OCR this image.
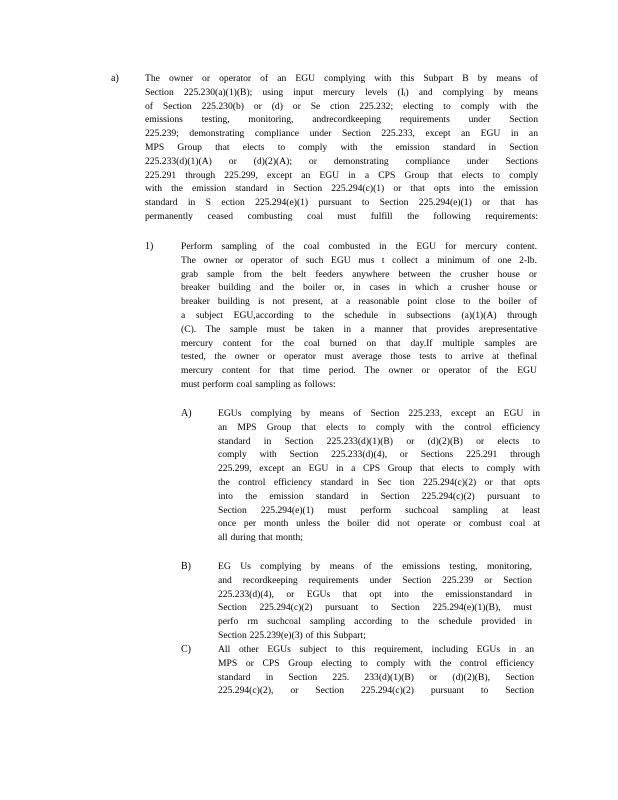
a)	The owner or operator of an EGU complying with this Subpart B by means of
Section 225.230(a)(1)(B); using input mercury levels (Iᵢ) and complying by means
of Section 225.230(b) or (d) or Se ction 225.232; electing to comply with the
emissions testing, monitoring, andrecordkeeping requirements under Section
225.239; demonstrating compliance under Section 225.233, except an EGU in an
MPS Group that elects to comply with the emission standard in Section
225.233(d)(1)(A) or (d)(2)(A); or demonstrating compliance under Sections
225.291 through 225.299, except an EGU in a CPS Group that elects to comply
with the emission standard in Section 225.294(c)(1) or that opts into the emission
standard in S ection 225.294(e)(1) pursuant to Section 225.294(e)(1) or that has
permanently ceased combusting coal must fulfill the following requirements:
1)	Perform sampling of the coal combusted in the EGU for mercury content.
The owner or operator of such EGU mus t collect a minimum of one 2-lb.
grab sample from the belt feeders anywhere between the crusher house or
breaker building and the boiler or, in cases in which a crusher house or
breaker building is not present, at a reasonable point close to the boiler of
a subject EGU,according to the schedule in subsections (a)(1)(A) through
(C). The sample must be taken in a manner that provides arepresentative
mercury content for the coal burned on that day.If multiple samples are
tested, the owner or operator must average those tests to arrive at thefinal
mercury content for that time period. The owner or operator of the EGU
must perform coal sampling as follows:
A)	EGUs complying by means of Section 225.233, except an EGU in
an MPS Group that elects to comply with the control efficiency
standard in Section 225.233(d)(1)(B) or (d)(2)(B) or elects to
comply with Section 225.233(d)(4), or Sections 225.291 through
225.299, except an EGU in a CPS Group that elects to comply with
the control efficiency standard in Sec tion 225.294(c)(2) or that opts
into the emission standard in Section 225.294(c)(2) pursuant to
Section 225.294(e)(1) must perform suchcoal sampling at least
once per month unless the boiler did not operate or combust coal at
all during that month;
B)	EG Us complying by means of the emissions testing, monitoring,
and recordkeeping requirements under Section 225.239 or Section
225.233(d)(4), or EGUs that opt into the emissionstandard in
Section 225.294(c)(2) pursuant to Section 225.294(e)(1)(B), must
perfo rm suchcoal sampling according to the schedule provided in
Section 225.239(e)(3) of this Subpart;
C)	All other EGUs subject to this requirement, including EGUs in an
MPS or CPS Group electing to comply with the control efficiency
standard in Section 225. 233(d)(1)(B) or (d)(2)(B), Section
225.294(c)(2), or Section 225.294(c)(2) pursuant to Section
